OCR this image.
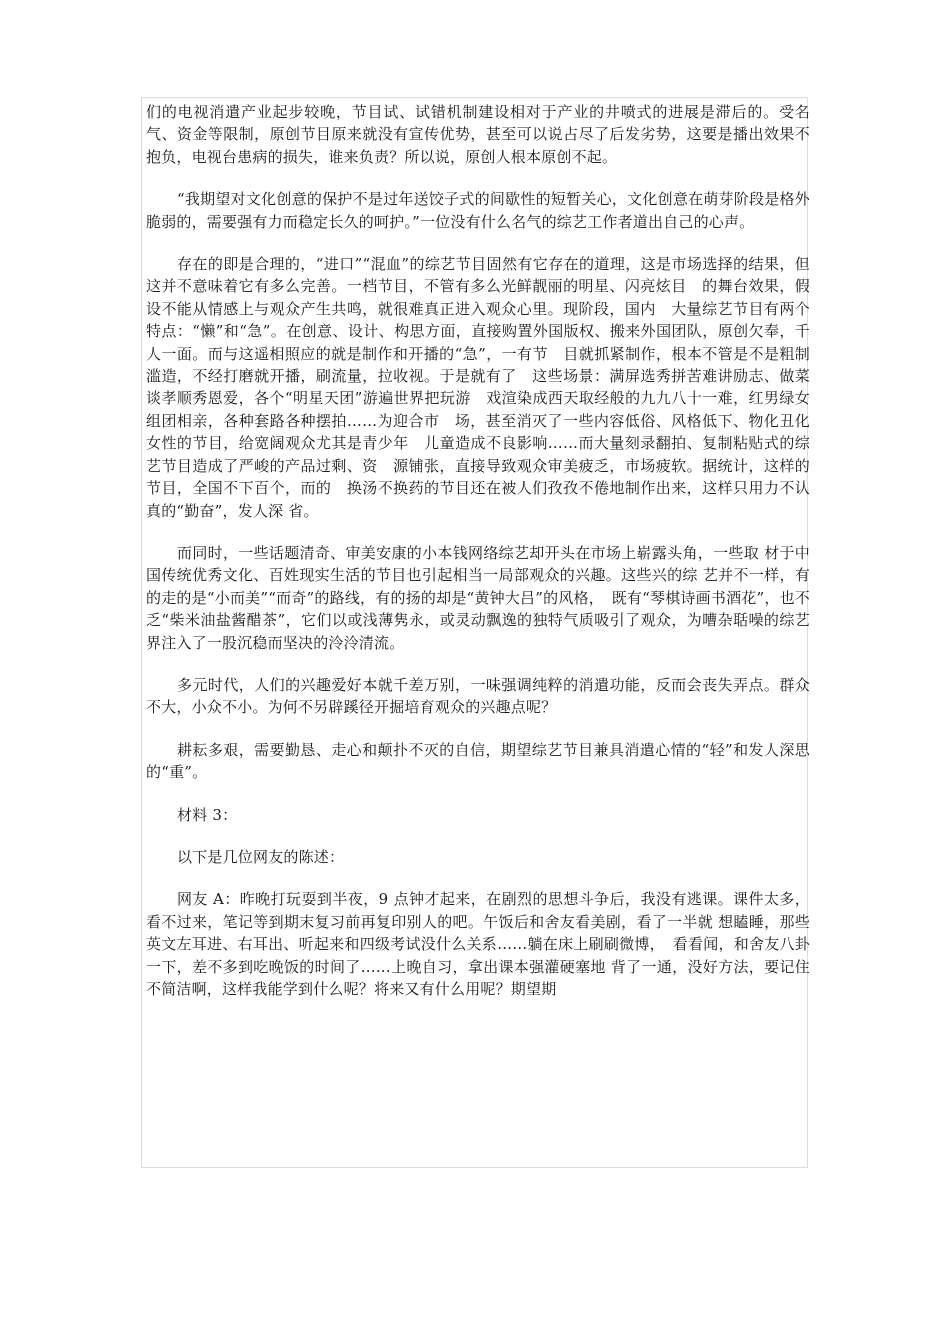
们的电视消遣产业起步较晚，节目试、试错机制建设相对于产业的井喷式的进展是滞后的。受名气、资金等限制，原创节目原来就没有宣传优势，甚至可以说占尽了后发劣势，这要是播出效果不抱负，电视台患病的损失，谁来负责？所以说，原创人根本原创不起。

“我期望对文化创意的保护不是过年送饺子式的间歇性的短暂关心，文化创意在萌芽阶段是格外脆弱的，需要强有力而稳定长久的呵护。”一位没有什么名气的综艺工作者道出自己的心声。

存在的即是合理的，“进口”“混血”的综艺节目固然有它存在的道理，这是市场选择的结果，但这并不意味着它有多么完善。一档节目，不管有多么光鲜靓丽的明星、闪亮炫目　的舞台效果，假设不能从情感上与观众产生共鸣，就很难真正进入观众心里。现阶段，国内　大量综艺节目有两个特点：“懒”和“急”。在创意、设计、构思方面，直接购置外国版权、搬来外国团队，原创欠奉，千人一面。而与这遥相照应的就是制作和开播的“急”，一有节　目就抓紧制作，根本不管是不是粗制滥造，不经打磨就开播，刷流量，拉收视。于是就有了　这些场景：满屏选秀拼苦难讲励志、做菜谈孝顺秀恩爱，各个“明星天团”游遍世界把玩游　戏渲染成西天取经般的九九八十一难，红男绿女组团相亲，各种套路各种摆拍……为迎合市　场，甚至消灭了一些内容低俗、风格低下、物化丑化女性的节目，给宽阔观众尤其是青少年　儿童造成不良影响……而大量刻录翻拍、复制粘贴式的综艺节目造成了严峻的产品过剩、资　源铺张，直接导致观众审美疲乏，市场疲软。据统计，这样的节目，全国不下百个，而的　换汤不换药的节目还在被人们孜孜不倦地制作出来，这样只用力不认真的“勤奋”，发人深 省。

而同时，一些话题清奇、审美安康的小本钱网络综艺却开头在市场上崭露头角，一些取 材于中国传统优秀文化、百姓现实生活的节目也引起相当一局部观众的兴趣。这些兴的综 艺并不一样，有的走的是“小而美”“而奇”的路线，有的扬的却是“黄钟大吕”的风格，　既有“琴棋诗画书酒花”，也不乏“柴米油盐酱醋茶”，它们以或浅薄隽永，或灵动飘逸的独特气质吸引了观众，为嘈杂聒噪的综艺界注入了一股沉稳而坚决的泠泠清流。

多元时代，人们的兴趣爱好本就千差万别，一味强调纯粹的消遣功能，反而会丧失弄点。群众不大，小众不小。为何不另辟蹊径开掘培育观众的兴趣点呢？

耕耘多艰，需要勤恳、走心和颠扑不灭的自信，期望综艺节目兼具消遣心情的“轻”和发人深思的“重”。

材料 3：

以下是几位网友的陈述：

网友 A：昨晚打玩耍到半夜，9 点钟才起来，在剧烈的思想斗争后，我没有逃课。课件太多，看不过来，笔记等到期末复习前再复印别人的吧。午饭后和舍友看美剧，看了一半就 想瞌睡，那些英文左耳进、右耳出、听起来和四级考试没什么关系……躺在床上刷刷微博，　看看闻，和舍友八卦一下，差不多到吃晚饭的时间了……上晚自习，拿出课本强灌硬塞地 背了一通，没好方法，要记住不简洁啊，这样我能学到什么呢？将来又有什么用呢？期望期
